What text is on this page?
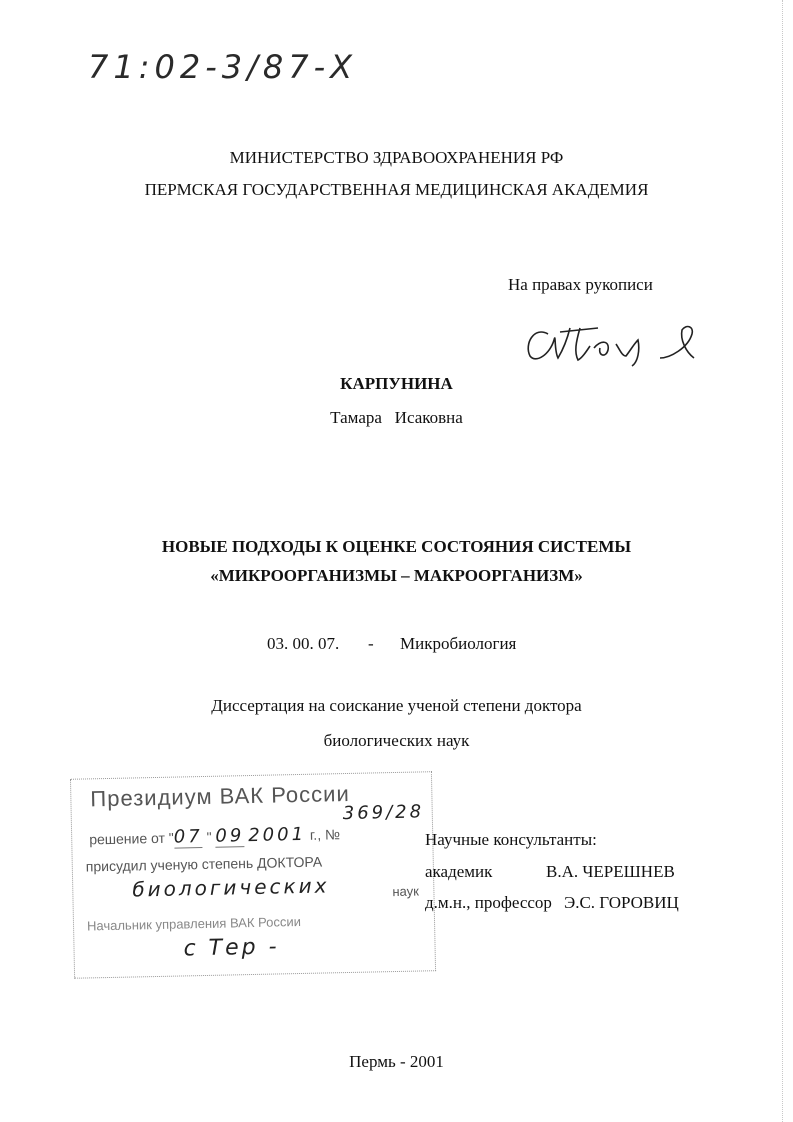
71:02-3/87-Х
МИНИСТЕРСТВО ЗДРАВООХРАНЕНИЯ РФ
ПЕРМСКАЯ ГОСУДАРСТВЕННАЯ МЕДИЦИНСКАЯ АКАДЕМИЯ
На правах рукописи
КАРПУНИНА
Тамара   Исаковна
НОВЫЕ ПОДХОДЫ К ОЦЕНКЕ СОСТОЯНИЯ СИСТЕМЫ
«МИКРООРГАНИЗМЫ – МАКРООРГАНИЗМ»
03. 00. 07. - Микробиология
Диссертация на соискание ученой степени доктора
биологических наук
Президиум ВАК России
решение от "07 " 09 2001 г., №
369/28
присудил ученую степень ДОКТОРА
биологических	наук
Начальник управления ВАК России
с Тер -
Научные консультанты:
академик	В.А. ЧЕРЕШНЕВ
д.м.н., профессор Э.С. ГОРОВИЦ
Пермь - 2001
